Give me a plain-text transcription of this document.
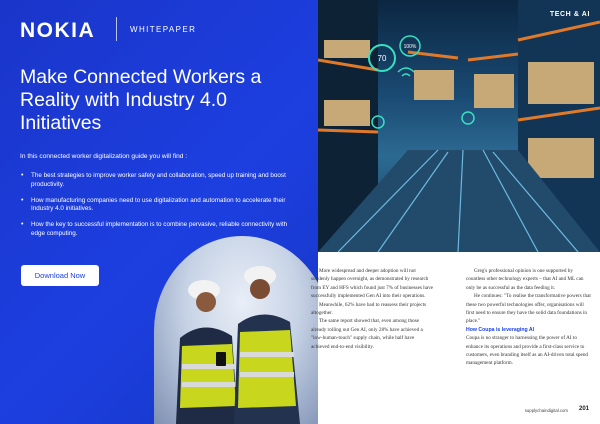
NOKIA	WHITEPAPER
Make Connected Workers a Reality with Industry 4.0 Initiatives
In this connected worker digitalization guide you will find :
• The best strategies to improve worker safety and collaboration, speed up training and boost productivity.
• How manufacturing companies need to use digitalization and automation to accelerate their Industry 4.0 initiatives.
• How the key to successful implementation is to combine pervasive, reliable connectivity with edge computing.
Download Now
70
100%
TECH & AI

More widespread and deeper adoption will not suddenly happen overnight, as demonstrated by research from EY and HFS which found just 7% of businesses have successfully implemented Gen AI into their operations.

Meanwhile, 62% have had to reassess their projects altogether.

The same report showed that, even among those already rolling out Gen AI, only 28% have achieved a "low-human-touch" supply chain, while half have achieved end-to-end visibility.

Greg's professional opinion is one supported by countless other technology experts – that AI and ML can only be as successful as the data feeding it.

He continues: "To realise the transformative powers that these two powerful technologies offer, organisations will first need to ensure they have the solid data foundations in place."

How Coupa is leveraging AI

Coupa is no stranger to harnessing the power of AI to enhance its operations and provide a first-class service to customers, even branding itself as an AI-driven total spend management platform.

supplychaindigital.com 201
